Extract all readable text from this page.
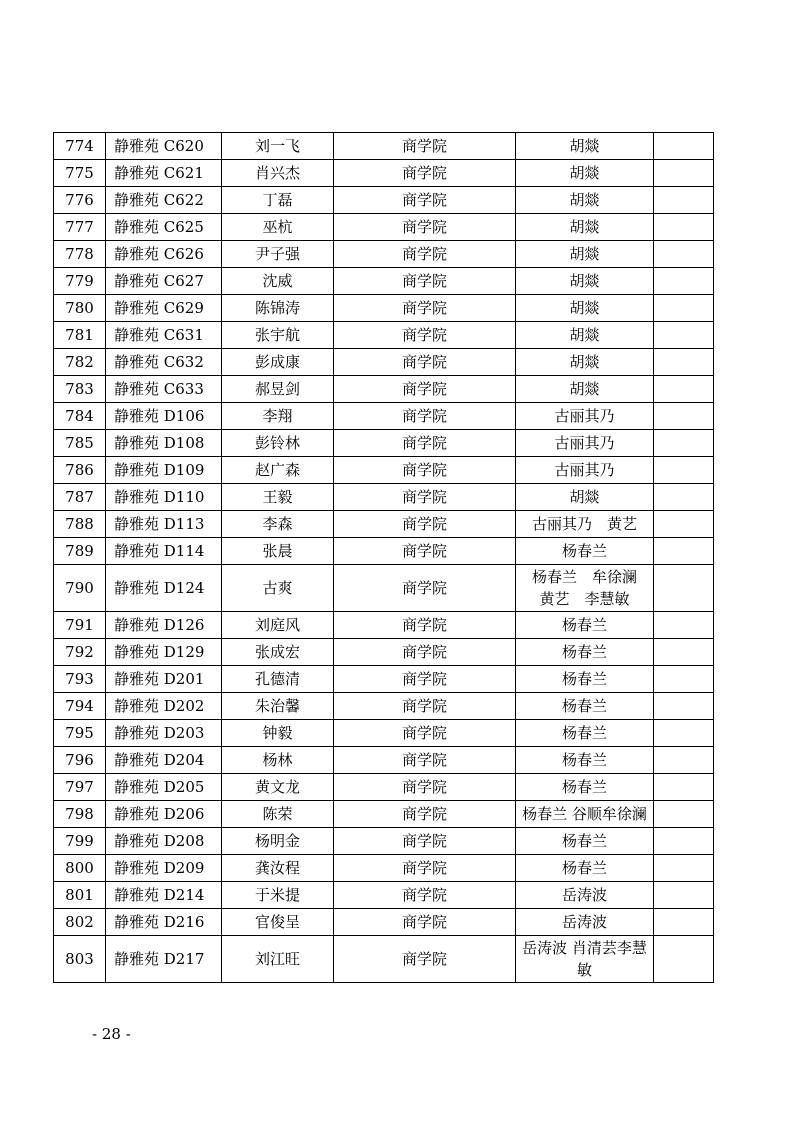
774	静雅苑 C620	刘一飞	商学院	胡燚	
775	静雅苑 C621	肖兴杰	商学院	胡燚	
776	静雅苑 C622	丁磊	商学院	胡燚	
777	静雅苑 C625	巫杭	商学院	胡燚	
778	静雅苑 C626	尹子强	商学院	胡燚	
779	静雅苑 C627	沈威	商学院	胡燚	
780	静雅苑 C629	陈锦涛	商学院	胡燚	
781	静雅苑 C631	张宇航	商学院	胡燚	
782	静雅苑 C632	彭成康	商学院	胡燚	
783	静雅苑 C633	郝昱剑	商学院	胡燚	
784	静雅苑 D106	李翔	商学院	古丽其乃	
785	静雅苑 D108	彭铃林	商学院	古丽其乃	
786	静雅苑 D109	赵广森	商学院	古丽其乃	
787	静雅苑 D110	王毅	商学院	胡燚	
788	静雅苑 D113	李森	商学院	古丽其乃　黄艺	
789	静雅苑 D114	张晨	商学院	杨春兰	
790	静雅苑 D124	古爽	商学院	杨春兰　牟徐澜　黄艺　李慧敏	
791	静雅苑 D126	刘庭风	商学院	杨春兰	
792	静雅苑 D129	张成宏	商学院	杨春兰	
793	静雅苑 D201	孔德清	商学院	杨春兰	
794	静雅苑 D202	朱治馨	商学院	杨春兰	
795	静雅苑 D203	钟毅	商学院	杨春兰	
796	静雅苑 D204	杨林	商学院	杨春兰	
797	静雅苑 D205	黄文龙	商学院	杨春兰	
798	静雅苑 D206	陈荣	商学院	杨春兰 谷顺牟徐澜	
799	静雅苑 D208	杨明金	商学院	杨春兰	
800	静雅苑 D209	龚汝程	商学院	杨春兰	
801	静雅苑 D214	于米提	商学院	岳涛波	
802	静雅苑 D216	官俊呈	商学院	岳涛波	
803	静雅苑 D217	刘江旺	商学院	岳涛波 肖清芸李慧敏	
- 28 -
